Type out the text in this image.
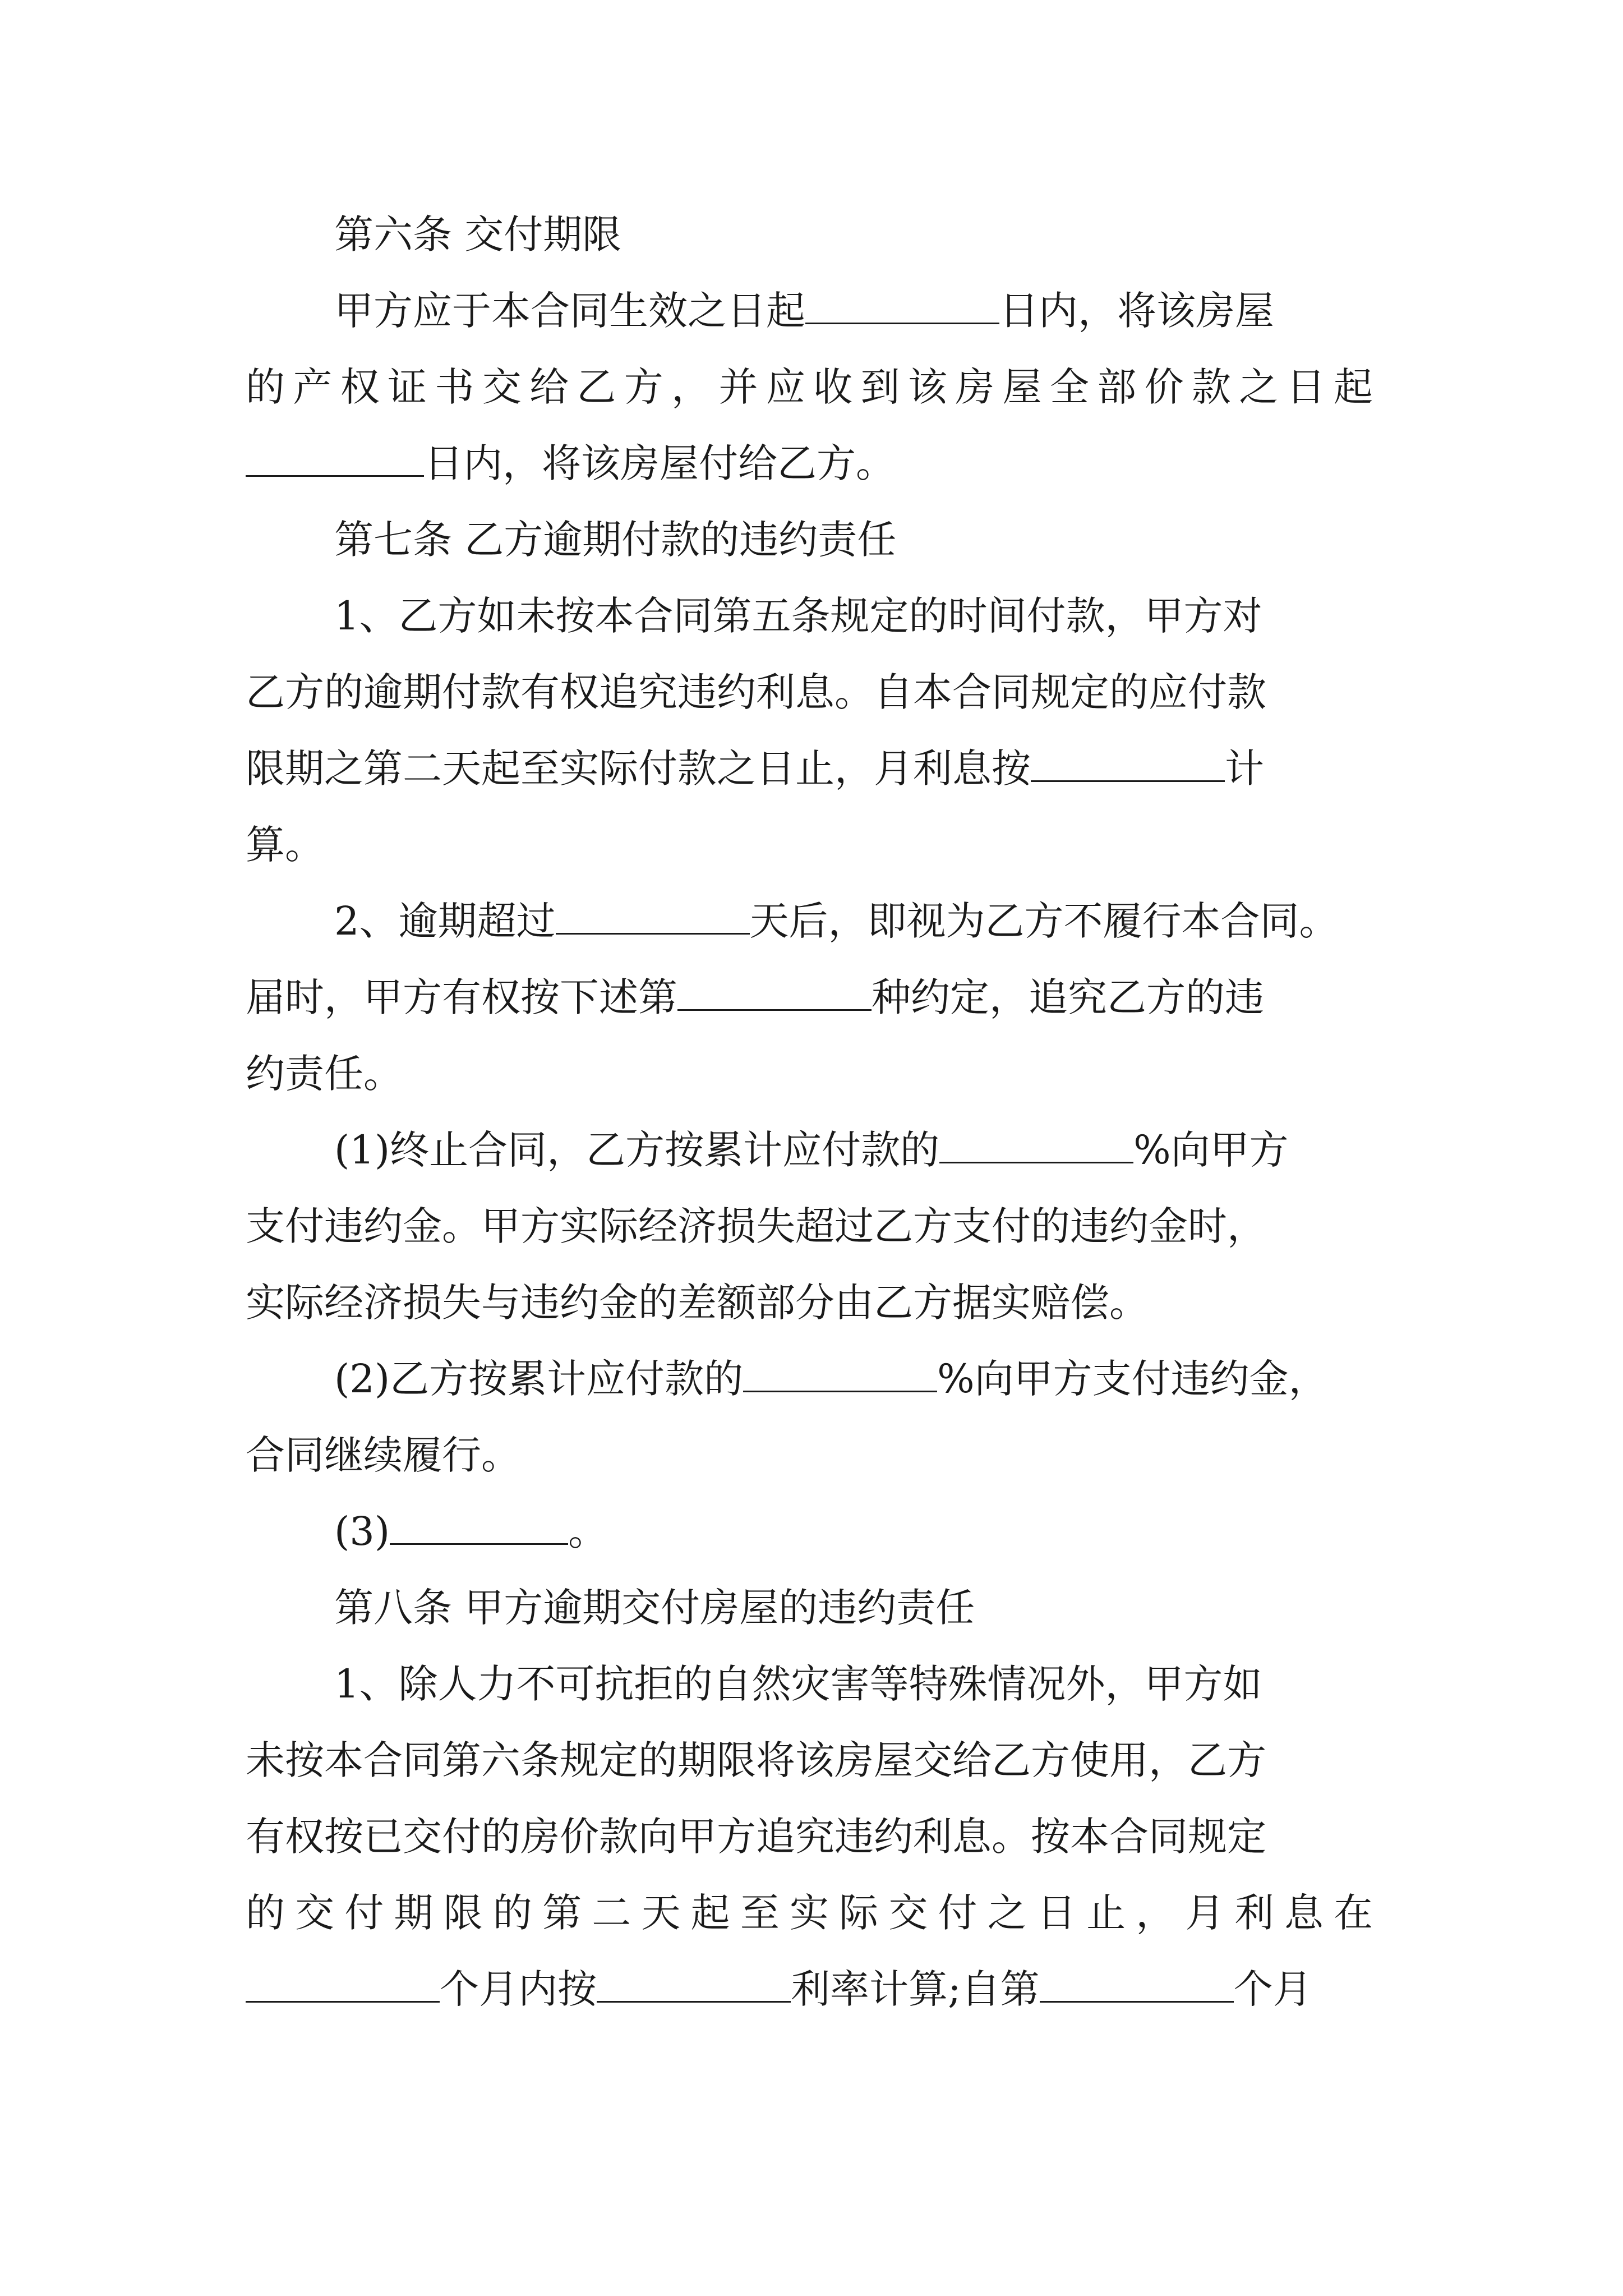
第六条 交付期限
甲方应于本合同生效之日起	日内，将该房屋
的产权证书交给乙方，并应收到该房屋全部价款之日起
日内，将该房屋付给乙方。
第七条 乙方逾期付款的违约责任
1、乙方如未按本合同第五条规定的时间付款，甲方对
乙方的逾期付款有权追究违约利息。自本合同规定的应付款
限期之第二天起至实际付款之日止，月利息按	计
算。
2、逾期超过	天后，即视为乙方不履行本合同。
届时，甲方有权按下述第	种约定，追究乙方的违
约责任。
(1)终止合同，乙方按累计应付款的	%向甲方
支付违约金。甲方实际经济损失超过乙方支付的违约金时，
实际经济损失与违约金的差额部分由乙方据实赔偿。
(2)乙方按累计应付款的	%向甲方支付违约金，
合同继续履行。
(3)	。
第八条 甲方逾期交付房屋的违约责任
1、除人力不可抗拒的自然灾害等特殊情况外，甲方如
未按本合同第六条规定的期限将该房屋交给乙方使用，乙方
有权按已交付的房价款向甲方追究违约利息。按本合同规定
的交付期限的第二天起至实际交付之日止，月利息在
个月内按	利率计算;自第	个月
